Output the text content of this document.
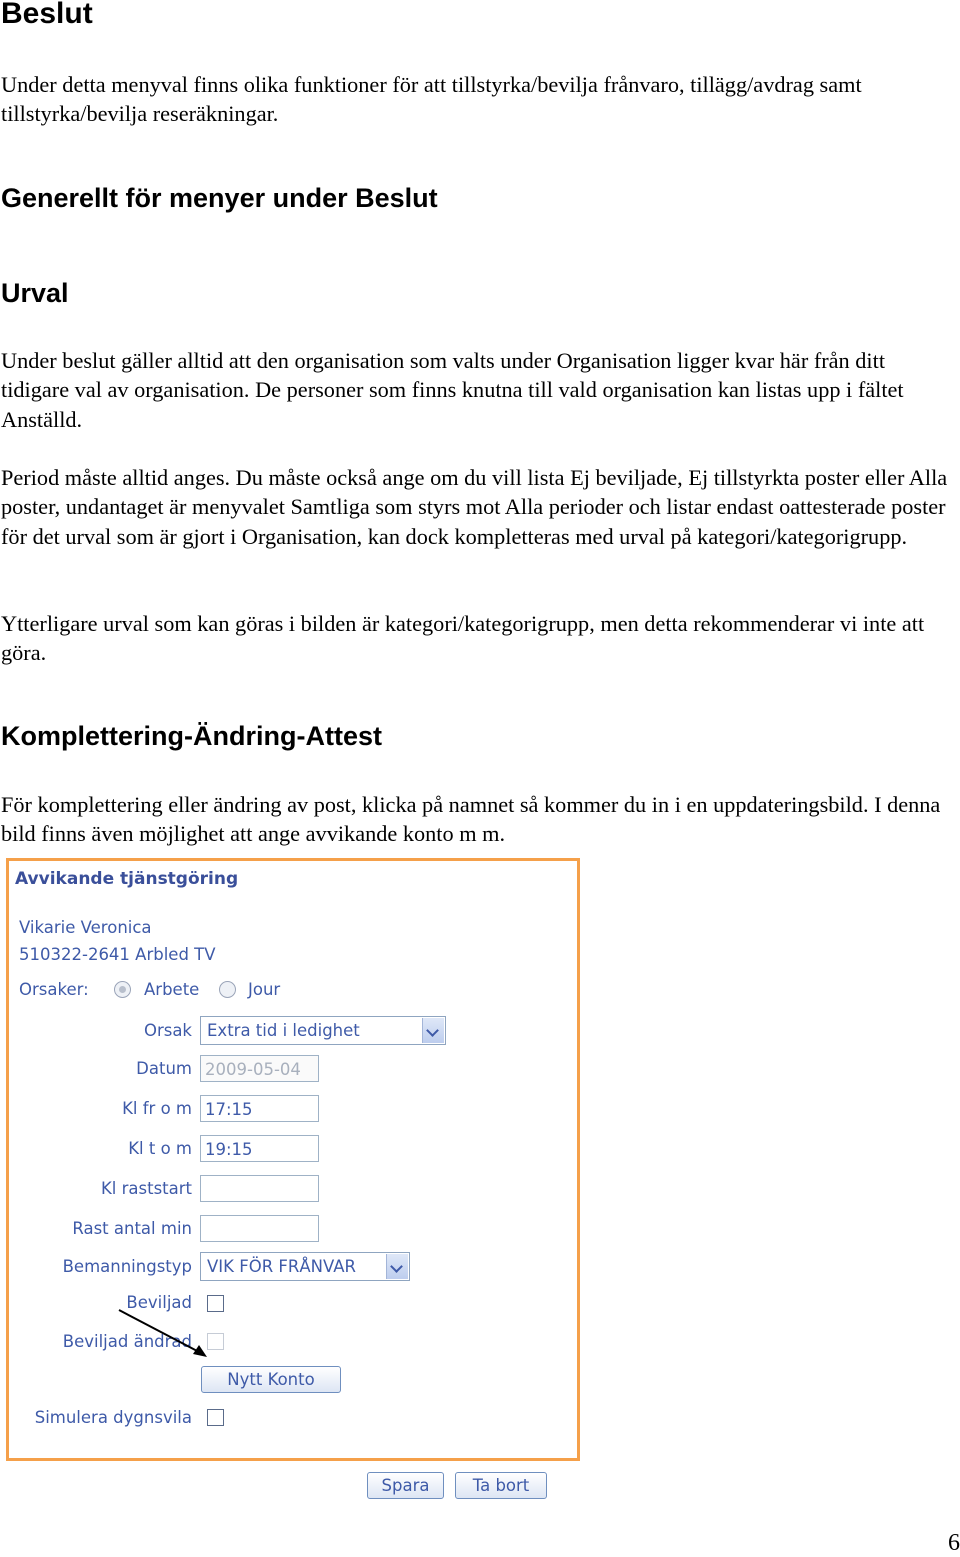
Beslut

Under detta menyval finns olika funktioner för att tillstyrka/bevilja frånvaro, tillägg/avdrag samt tillstyrka/bevilja reseräkningar.

Generellt för menyer under Beslut
Urval

Under beslut gäller alltid att den organisation som valts under Organisation ligger kvar här från ditt tidigare val av organisation. De personer som finns knutna till vald organisation kan listas upp i fältet Anställd.

Period måste alltid anges. Du måste också ange om du vill lista Ej beviljade, Ej tillstyrkta poster eller Alla poster, undantaget är menyvalet Samtliga som styrs mot Alla perioder och listar endast oattesterade poster för det urval som är gjort i Organisation, kan dock kompletteras med urval på kategori/kategorigrupp.

Ytterligare urval som kan göras i bilden är kategori/kategorigrupp, men detta rekommenderar vi inte att göra.

Komplettering-Ändring-Attest

För komplettering eller ändring av post, klicka på namnet så kommer du in i en uppdateringsbild. I denna bild finns även möjlighet att ange avvikande konto m m.

Avvikande tjänstgöring
Vikarie Veronica
510322-2641 Arbled TV
Orsaker:	Arbete	Jour
Orsak Extra tid i ledighet
Datum 2009-05-04
Kl fr o m 17:15
Kl t o m 19:15
Kl raststart
Rast antal min
Bemanningstyp VIK FÖR FRÅNVAR
Beviljad
Beviljad ändrad
Nytt Konto
Simulera dygnsvila
Spara	Ta bort
6
